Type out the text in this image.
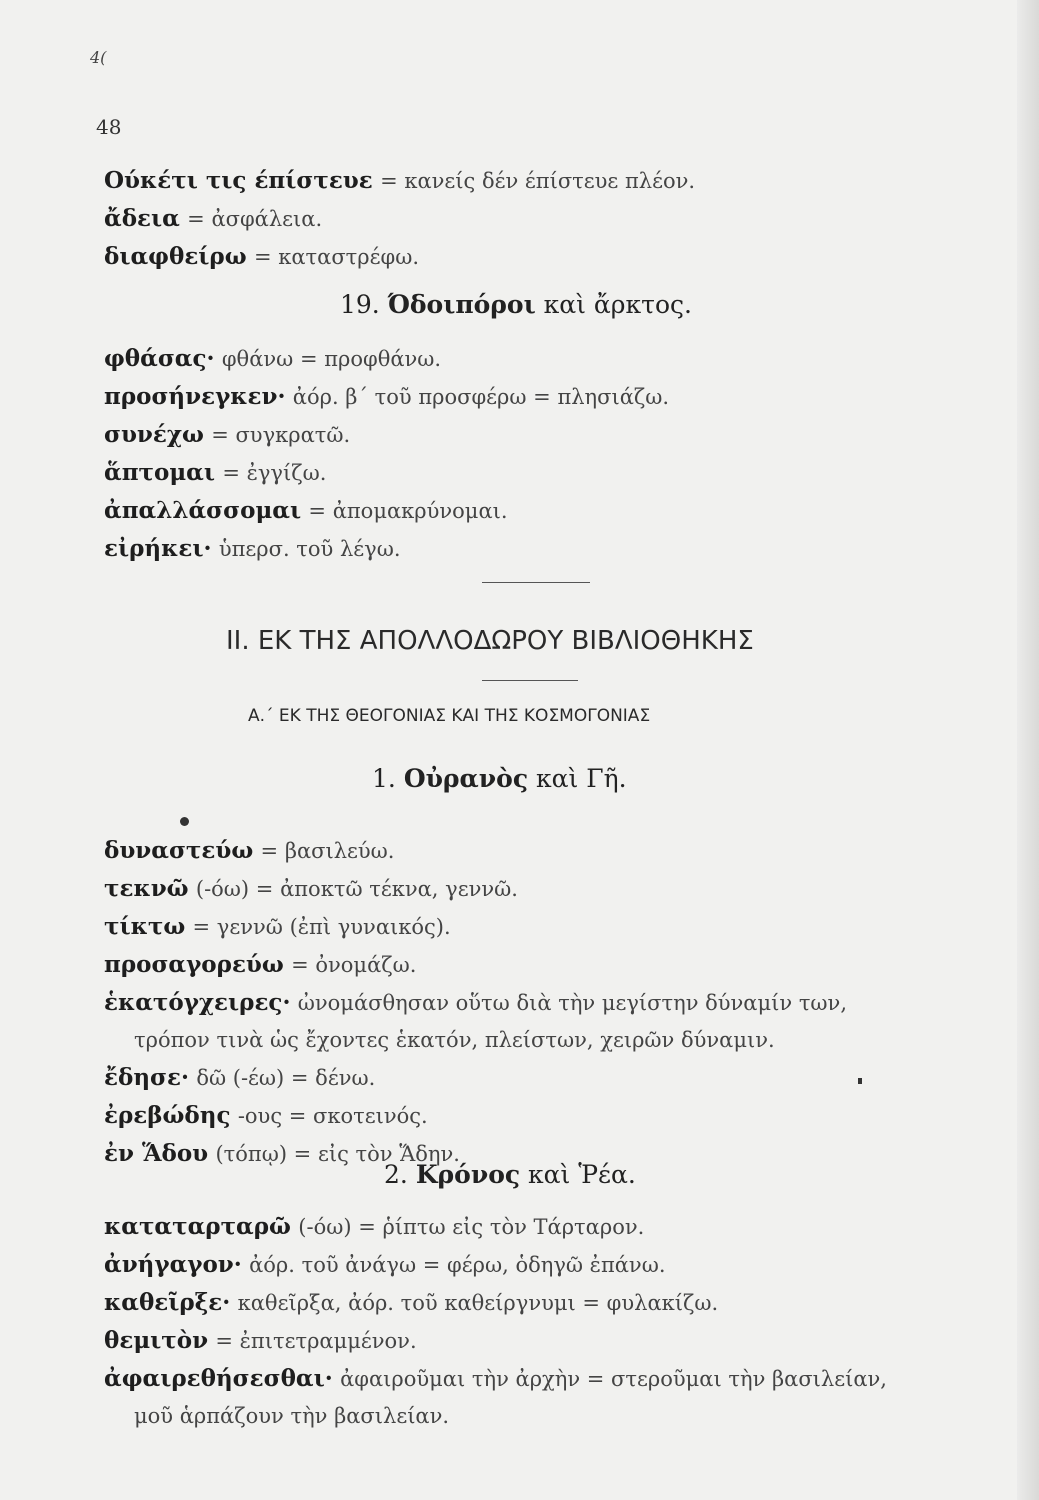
4(
48
Ούκέτι τις έπίστευε = κανείς δέν έπίστευε πλέον.
ἄδεια = ἀσφάλεια.
διαφθείρω = καταστρέφω.
19. Όδοιπόροι καὶ ἄρκτος.
φθάσας· φθάνω = προφθάνω.
προσήνεγκεν· ἀόρ. β΄ τοῦ προσφέρω = πλησιάζω.
συνέχω = συγκρατῶ.
ἅπτομαι = ἐγγίζω.
ἀπαλλάσσομαι = ἀπομακρύνομαι.
εἰρήκει· ὑπερσ. τοῦ λέγω.
ΙΙ. ΕΚ ΤΗΣ ΑΠΟΛΛΟΔΩΡΟΥ ΒΙΒΛΙΟΘΗΚΗΣ
Α.΄ ΕΚ ΤΗΣ ΘΕΟΓΟΝΙΑΣ ΚΑΙ ΤΗΣ ΚΟΣΜΟΓΟΝΙΑΣ
1. Οὐρανὸς καὶ Γῆ.
δυναστεύω = βασιλεύω.
τεκνῶ (-όω) = ἀποκτῶ τέκνα, γεννῶ.
τίκτω = γεννῶ (ἐπὶ γυναικός).
προσαγορεύω = ὀνομάζω.
ἑκατόγχειρες· ὠνομάσθησαν οὕτω διὰ τὴν μεγίστην δύναμίν των,
τρόπον τινὰ ὡς ἔχοντες ἑκατόν, πλείστων, χειρῶν δύναμιν.
ἔδησε· δῶ (-έω) = δένω.
ἐρεβώδης -ους = σκοτεινός.
ἐν Ἅδου (τόπῳ) = εἰς τὸν Ἅδην.
2. Κρόνος καὶ Ῥέα.
καταταρταρῶ (-όω) = ῥίπτω εἰς τὸν Τάρταρον.
ἀνήγαγον· ἀόρ. τοῦ ἀνάγω = φέρω, ὁδηγῶ ἐπάνω.
καθεῖρξε· καθεῖρξα, ἀόρ. τοῦ καθείργνυμι = φυλακίζω.
θεμιτὸν = ἐπιτετραμμένον.
ἀφαιρεθήσεσθαι· ἀφαιροῦμαι τὴν ἀρχὴν = στεροῦμαι τὴν βασιλείαν,
μοῦ ἁρπάζουν τὴν βασιλείαν.
